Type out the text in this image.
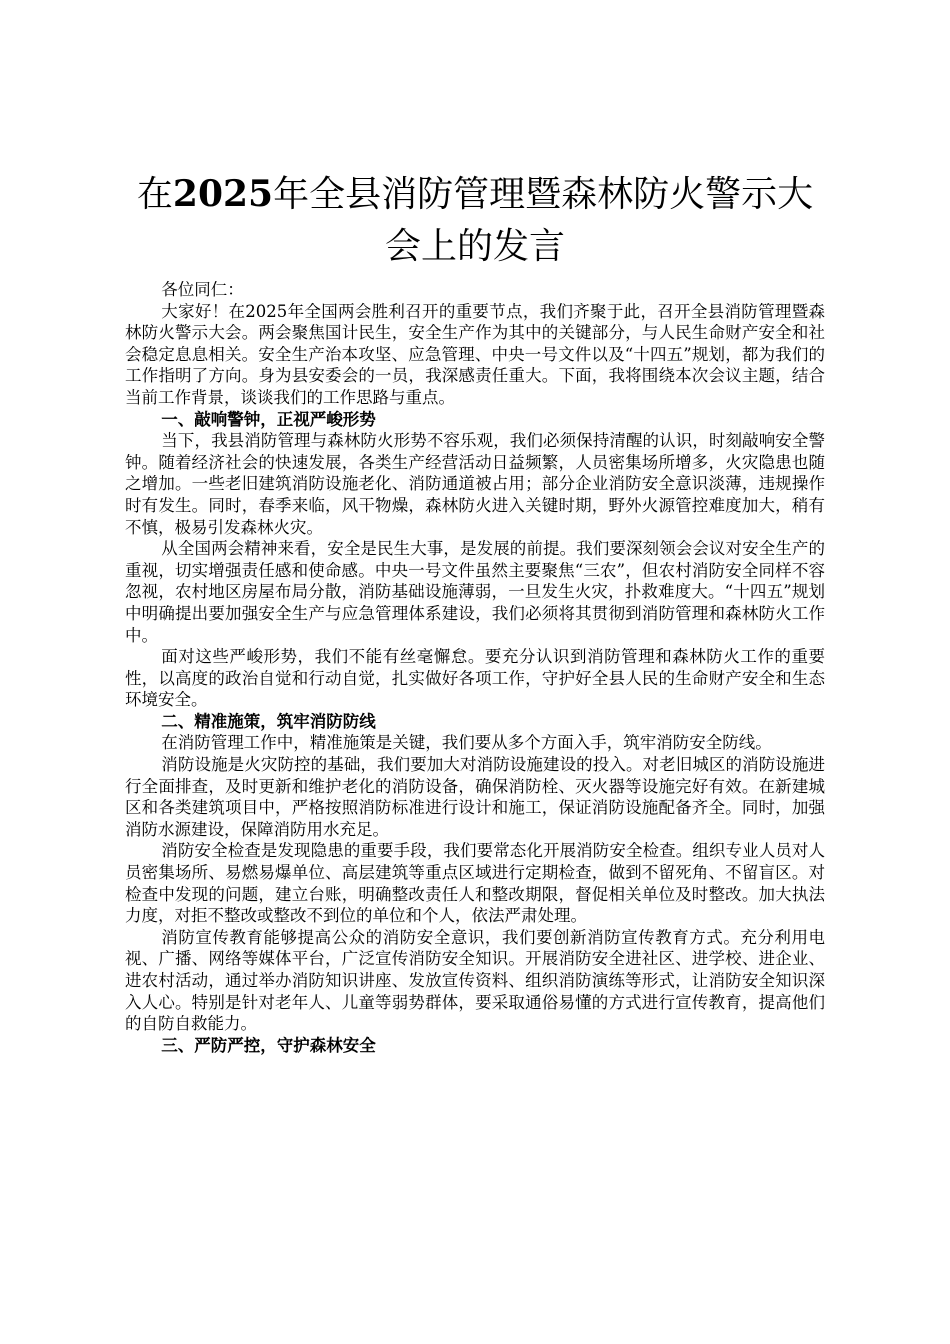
在2025年全县消防管理暨森林防火警示大会上的发言

各位同仁：

大家好！在2025年全国两会胜利召开的重要节点，我们齐聚于此，召开全县消防管理暨森林防火警示大会。两会聚焦国计民生，安全生产作为其中的关键部分，与人民生命财产安全和社会稳定息息相关。安全生产治本攻坚、应急管理、中央一号文件以及“十四五”规划，都为我们的工作指明了方向。身为县安委会的一员，我深感责任重大。下面，我将围绕本次会议主题，结合当前工作背景，谈谈我们的工作思路与重点。

一、敲响警钟，正视严峻形势

当下，我县消防管理与森林防火形势不容乐观，我们必须保持清醒的认识，时刻敲响安全警钟。随着经济社会的快速发展，各类生产经营活动日益频繁，人员密集场所增多，火灾隐患也随之增加。一些老旧建筑消防设施老化、消防通道被占用；部分企业消防安全意识淡薄，违规操作时有发生。同时，春季来临，风干物燥，森林防火进入关键时期，野外火源管控难度加大，稍有不慎，极易引发森林火灾。

从全国两会精神来看，安全是民生大事，是发展的前提。我们要深刻领会会议对安全生产的重视，切实增强责任感和使命感。中央一号文件虽然主要聚焦“三农”，但农村消防安全同样不容忽视，农村地区房屋布局分散，消防基础设施薄弱，一旦发生火灾，扑救难度大。“十四五”规划中明确提出要加强安全生产与应急管理体系建设，我们必须将其贯彻到消防管理和森林防火工作中。

面对这些严峻形势，我们不能有丝毫懈怠。要充分认识到消防管理和森林防火工作的重要性，以高度的政治自觉和行动自觉，扎实做好各项工作，守护好全县人民的生命财产安全和生态环境安全。

二、精准施策，筑牢消防防线

在消防管理工作中，精准施策是关键，我们要从多个方面入手，筑牢消防安全防线。

消防设施是火灾防控的基础，我们要加大对消防设施建设的投入。对老旧城区的消防设施进行全面排查，及时更新和维护老化的消防设备，确保消防栓、灭火器等设施完好有效。在新建城区和各类建筑项目中，严格按照消防标准进行设计和施工，保证消防设施配备齐全。同时，加强消防水源建设，保障消防用水充足。

消防安全检查是发现隐患的重要手段，我们要常态化开展消防安全检查。组织专业人员对人员密集场所、易燃易爆单位、高层建筑等重点区域进行定期检查，做到不留死角、不留盲区。对检查中发现的问题，建立台账，明确整改责任人和整改期限，督促相关单位及时整改。加大执法力度，对拒不整改或整改不到位的单位和个人，依法严肃处理。

消防宣传教育能够提高公众的消防安全意识，我们要创新消防宣传教育方式。充分利用电视、广播、网络等媒体平台，广泛宣传消防安全知识。开展消防安全进社区、进学校、进企业、进农村活动，通过举办消防知识讲座、发放宣传资料、组织消防演练等形式，让消防安全知识深入人心。特别是针对老年人、儿童等弱势群体，要采取通俗易懂的方式进行宣传教育，提高他们的自防自救能力。

三、严防严控，守护森林安全
